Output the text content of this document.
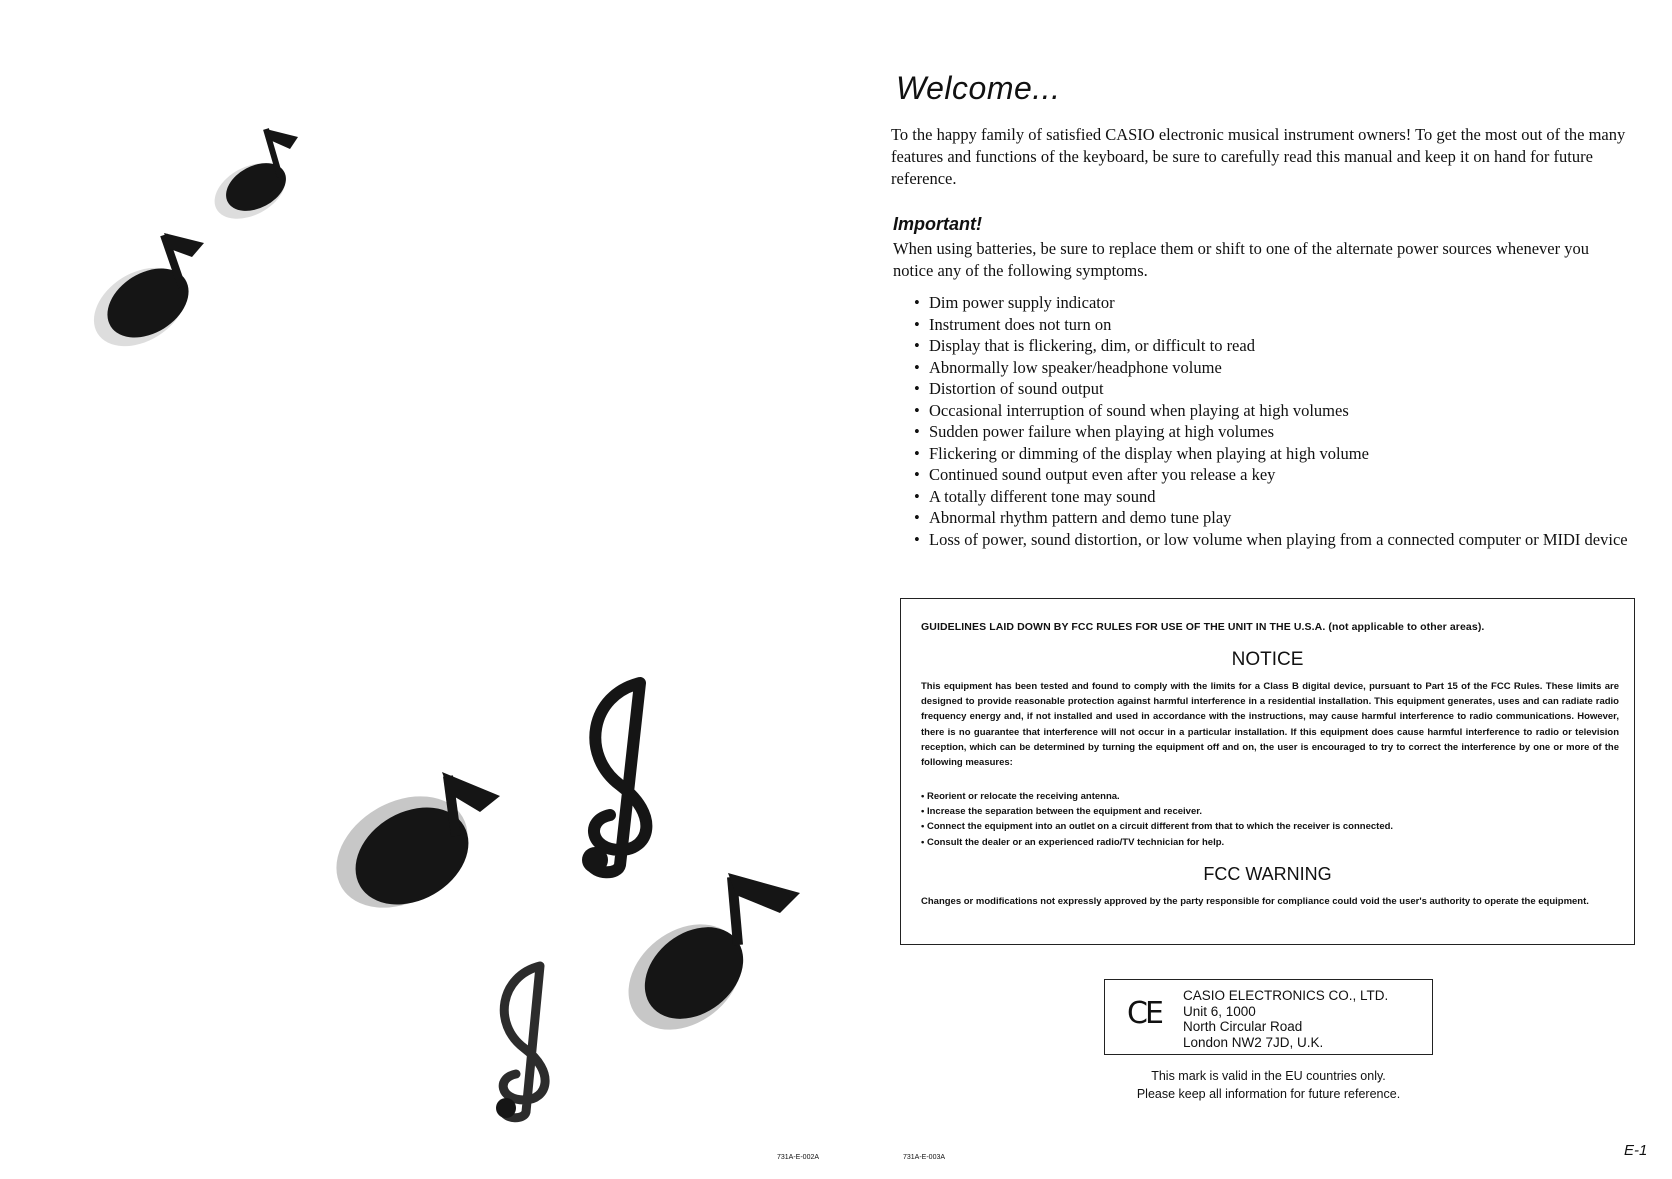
731A-E-002A
Welcome...

To the happy family of satisfied CASIO electronic musical instrument owners! To get the most out of the many features and functions of the keyboard, be sure to carefully read this manual and keep it on hand for future reference.

Important!

When using batteries, be sure to replace them or shift to one of the alternate power sources whenever you notice any of the following symptoms.

• Dim power supply indicator
• Instrument does not turn on
• Display that is flickering, dim, or difficult to read
• Abnormally low speaker/headphone volume
• Distortion of sound output
• Occasional interruption of sound when playing at high volumes
• Sudden power failure when playing at high volumes
• Flickering or dimming of the display when playing at high volume
• Continued sound output even after you release a key
• A totally different tone may sound
• Abnormal rhythm pattern and demo tune play
• Loss of power, sound distortion, or low volume when playing from a connected computer or MIDI device
GUIDELINES LAID DOWN BY FCC RULES FOR USE OF THE UNIT IN THE U.S.A. (not applicable to other areas).
NOTICE

This equipment has been tested and found to comply with the limits for a Class B digital device, pursuant to Part 15 of the FCC Rules. These limits are designed to provide reasonable protection against harmful interference in a residential installation. This equipment generates, uses and can radiate radio frequency energy and, if not installed and used in accordance with the instructions, may cause harmful interference to radio communications. However, there is no guarantee that interference will not occur in a particular installation. If this equipment does cause harmful interference to radio or television reception, which can be determined by turning the equipment off and on, the user is encouraged to try to correct the interference by one or more of the following measures:

• Reorient or relocate the receiving antenna.
• Increase the separation between the equipment and receiver.
• Connect the equipment into an outlet on a circuit different from that to which the receiver is connected.
• Consult the dealer or an experienced radio/TV technician for help.
FCC WARNING

Changes or modifications not expressly approved by the party responsible for compliance could void the user's authority to operate the equipment.

CE
CASIO ELECTRONICS CO., LTD.
Unit 6, 1000
North Circular Road
London NW2 7JD, U.K.
This mark is valid in the EU countries only.
Please keep all information for future reference.
731A-E-003A	E-1
